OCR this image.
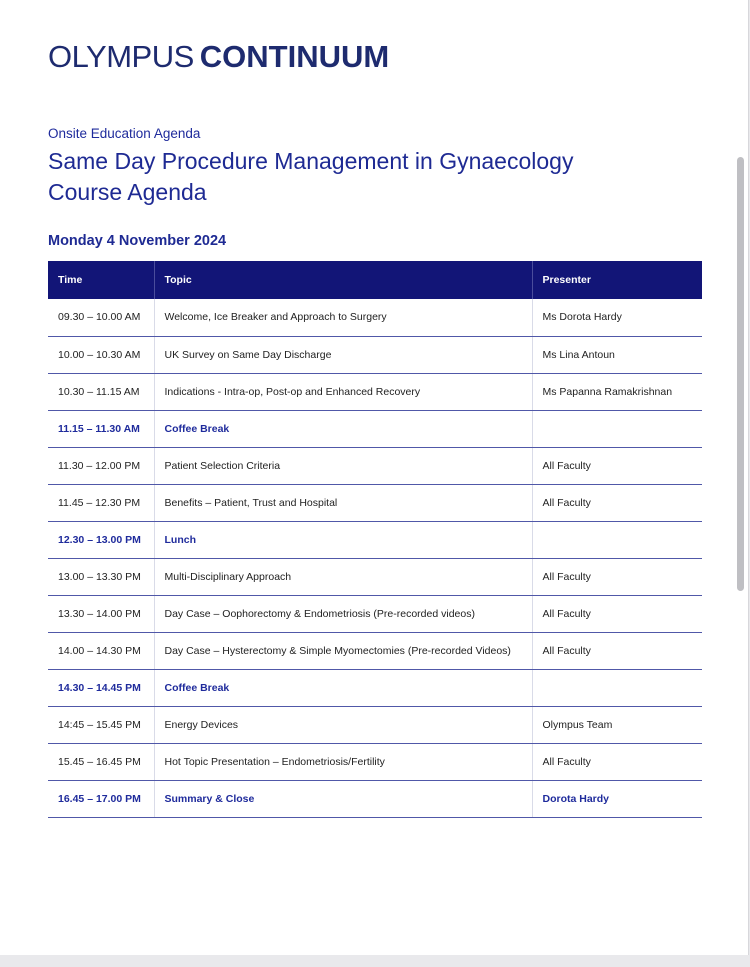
OLYMPUS CONTINUUM
Onsite Education Agenda
Same Day Procedure Management in Gynaecology
Course Agenda
Monday 4 November 2024
Time	Topic	Presenter
09.30 – 10.00 AM	Welcome, Ice Breaker and Approach to Surgery	Ms Dorota Hardy
10.00 – 10.30 AM	UK Survey on Same Day Discharge	Ms Lina Antoun
10.30 – 11.15 AM	Indications - Intra-op, Post-op and Enhanced Recovery	Ms Papanna Ramakrishnan
11.15 – 11.30 AM	Coffee Break	
11.30 – 12.00 PM	Patient Selection Criteria	All Faculty
11.45 – 12.30 PM	Benefits – Patient, Trust and Hospital	All Faculty
12.30 – 13.00 PM	Lunch	
13.00 – 13.30 PM	Multi-Disciplinary Approach	All Faculty
13.30 – 14.00 PM	Day Case – Oophorectomy & Endometriosis (Pre-recorded videos)	All Faculty
14.00 – 14.30 PM	Day Case – Hysterectomy & Simple Myomectomies (Pre-recorded Videos)	All Faculty
14.30 – 14.45 PM	Coffee Break	
14:45 – 15.45 PM	Energy Devices	Olympus Team
15.45 – 16.45 PM	Hot Topic Presentation – Endometriosis/Fertility	All Faculty
16.45 – 17.00 PM	Summary & Close	Dorota Hardy
